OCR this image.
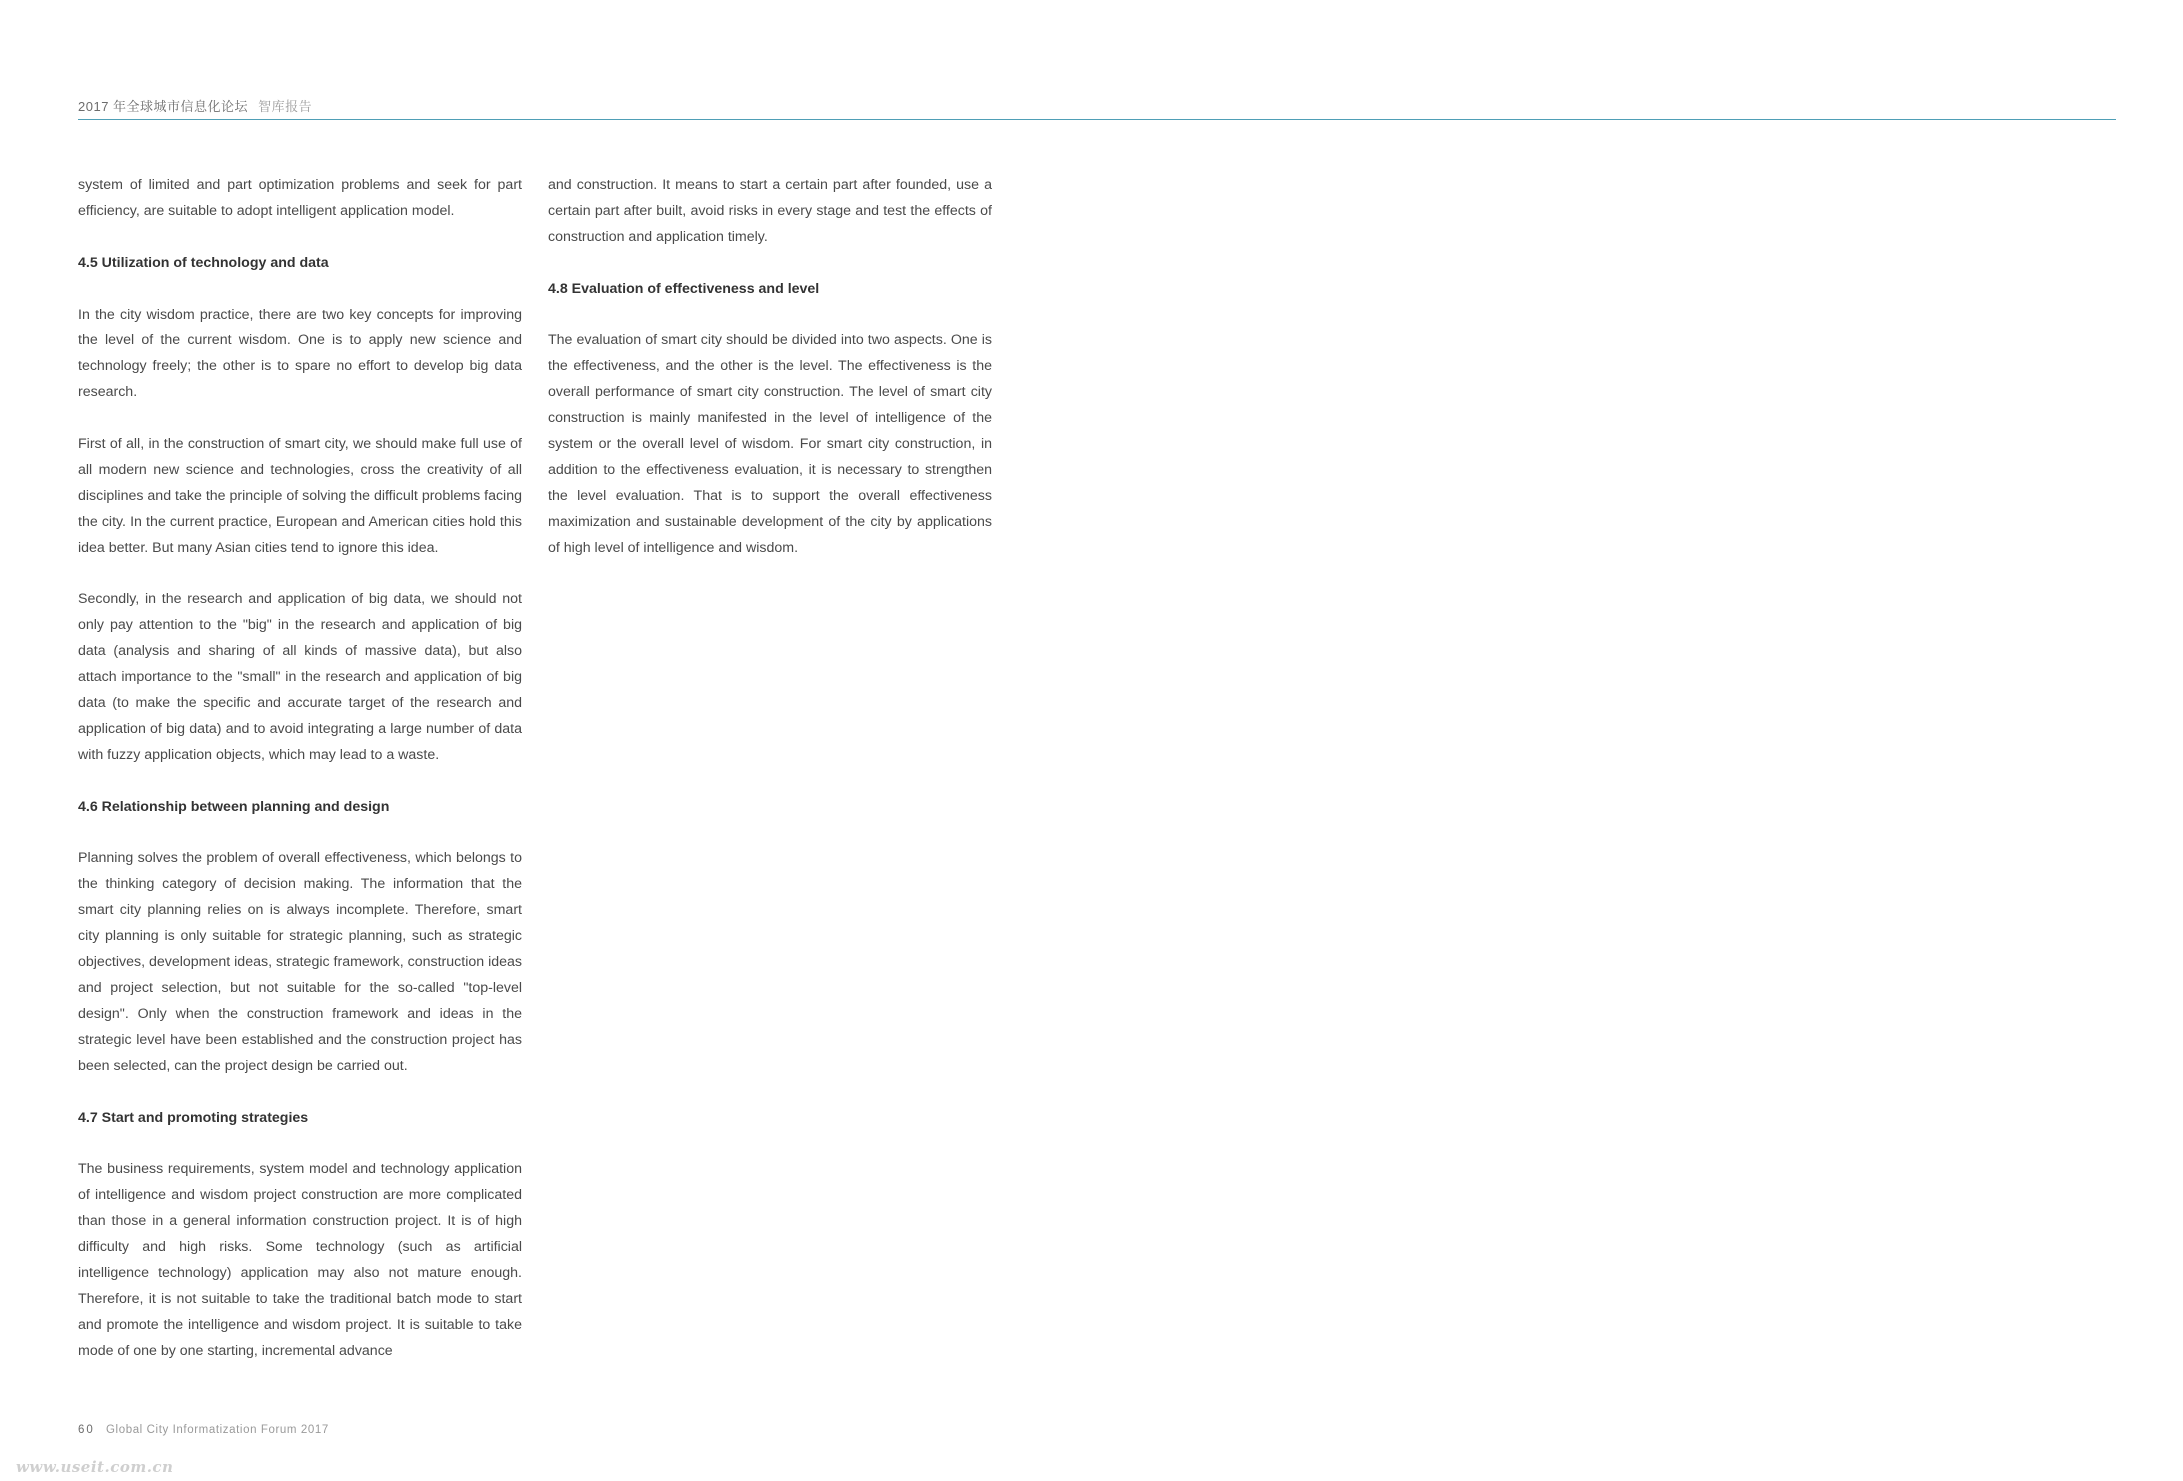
2017 年全球城市信息化论坛 智库报告

system of limited and part optimization problems and seek for part efficiency, are suitable to adopt intelligent application model.

4.5 Utilization of technology and data

In the city wisdom practice, there are two key concepts for improving the level of the current wisdom. One is to apply new science and technology freely; the other is to spare no effort to develop big data research.

First of all, in the construction of smart city, we should make full use of all modern new science and technologies, cross the creativity of all disciplines and take the principle of solving the difficult problems facing the city. In the current practice, European and American cities hold this idea better. But many Asian cities tend to ignore this idea.

Secondly, in the research and application of big data, we should not only pay attention to the "big" in the research and application of big data (analysis and sharing of all kinds of massive data), but also attach importance to the "small" in the research and application of big data (to make the specific and accurate target of the research and application of big data) and to avoid integrating a large number of data with fuzzy application objects, which may lead to a waste.

4.6 Relationship between planning and design

Planning solves the problem of overall effectiveness, which belongs to the thinking category of decision making. The information that the smart city planning relies on is always incomplete. Therefore, smart city planning is only suitable for strategic planning, such as strategic objectives, development ideas, strategic framework, construction ideas and project selection, but not suitable for the so-called "top-level design". Only when the construction framework and ideas in the strategic level have been established and the construction project has been selected, can the project design be carried out.

4.7 Start and promoting strategies

The business requirements, system model and technology application of intelligence and wisdom project construction are more complicated than those in a general information construction project. It is of high difficulty and high risks. Some technology (such as artificial intelligence technology) application may also not mature enough. Therefore, it is not suitable to take the traditional batch mode to start and promote the intelligence and wisdom project. It is suitable to take mode of one by one starting, incremental advance

and construction. It means to start a certain part after founded, use a certain part after built, avoid risks in every stage and test the effects of construction and application timely.

4.8 Evaluation of effectiveness and level

The evaluation of smart city should be divided into two aspects. One is the effectiveness, and the other is the level. The effectiveness is the overall performance of smart city construction. The level of smart city construction is mainly manifested in the level of intelligence of the system or the overall level of wisdom. For smart city construction, in addition to the effectiveness evaluation, it is necessary to strengthen the level evaluation. That is to support the overall effectiveness maximization and sustainable development of the city by applications of high level of intelligence and wisdom.

60 Global City Informatization Forum 2017
www.useit.com.cn
